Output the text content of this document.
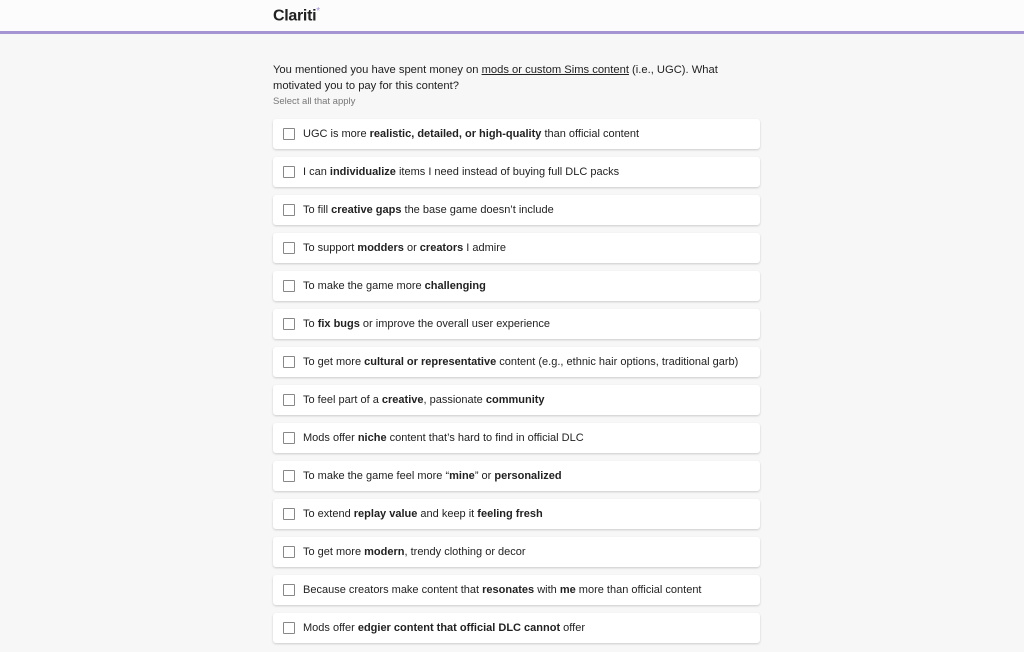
Clariti*
You mentioned you have spent money on mods or custom Sims content (i.e., UGC). What motivated you to pay for this content?
Select all that apply
UGC is more realistic, detailed, or high-quality than official content
I can individualize items I need instead of buying full DLC packs
To fill creative gaps the base game doesn’t include
To support modders or creators I admire
To make the game more challenging
To fix bugs or improve the overall user experience
To get more cultural or representative content (e.g., ethnic hair options, traditional garb)
To feel part of a creative, passionate community
Mods offer niche content that’s hard to find in official DLC
To make the game feel more “mine” or personalized
To extend replay value and keep it feeling fresh
To get more modern, trendy clothing or decor
Because creators make content that resonates with me more than official content
Mods offer edgier content that official DLC cannot offer
